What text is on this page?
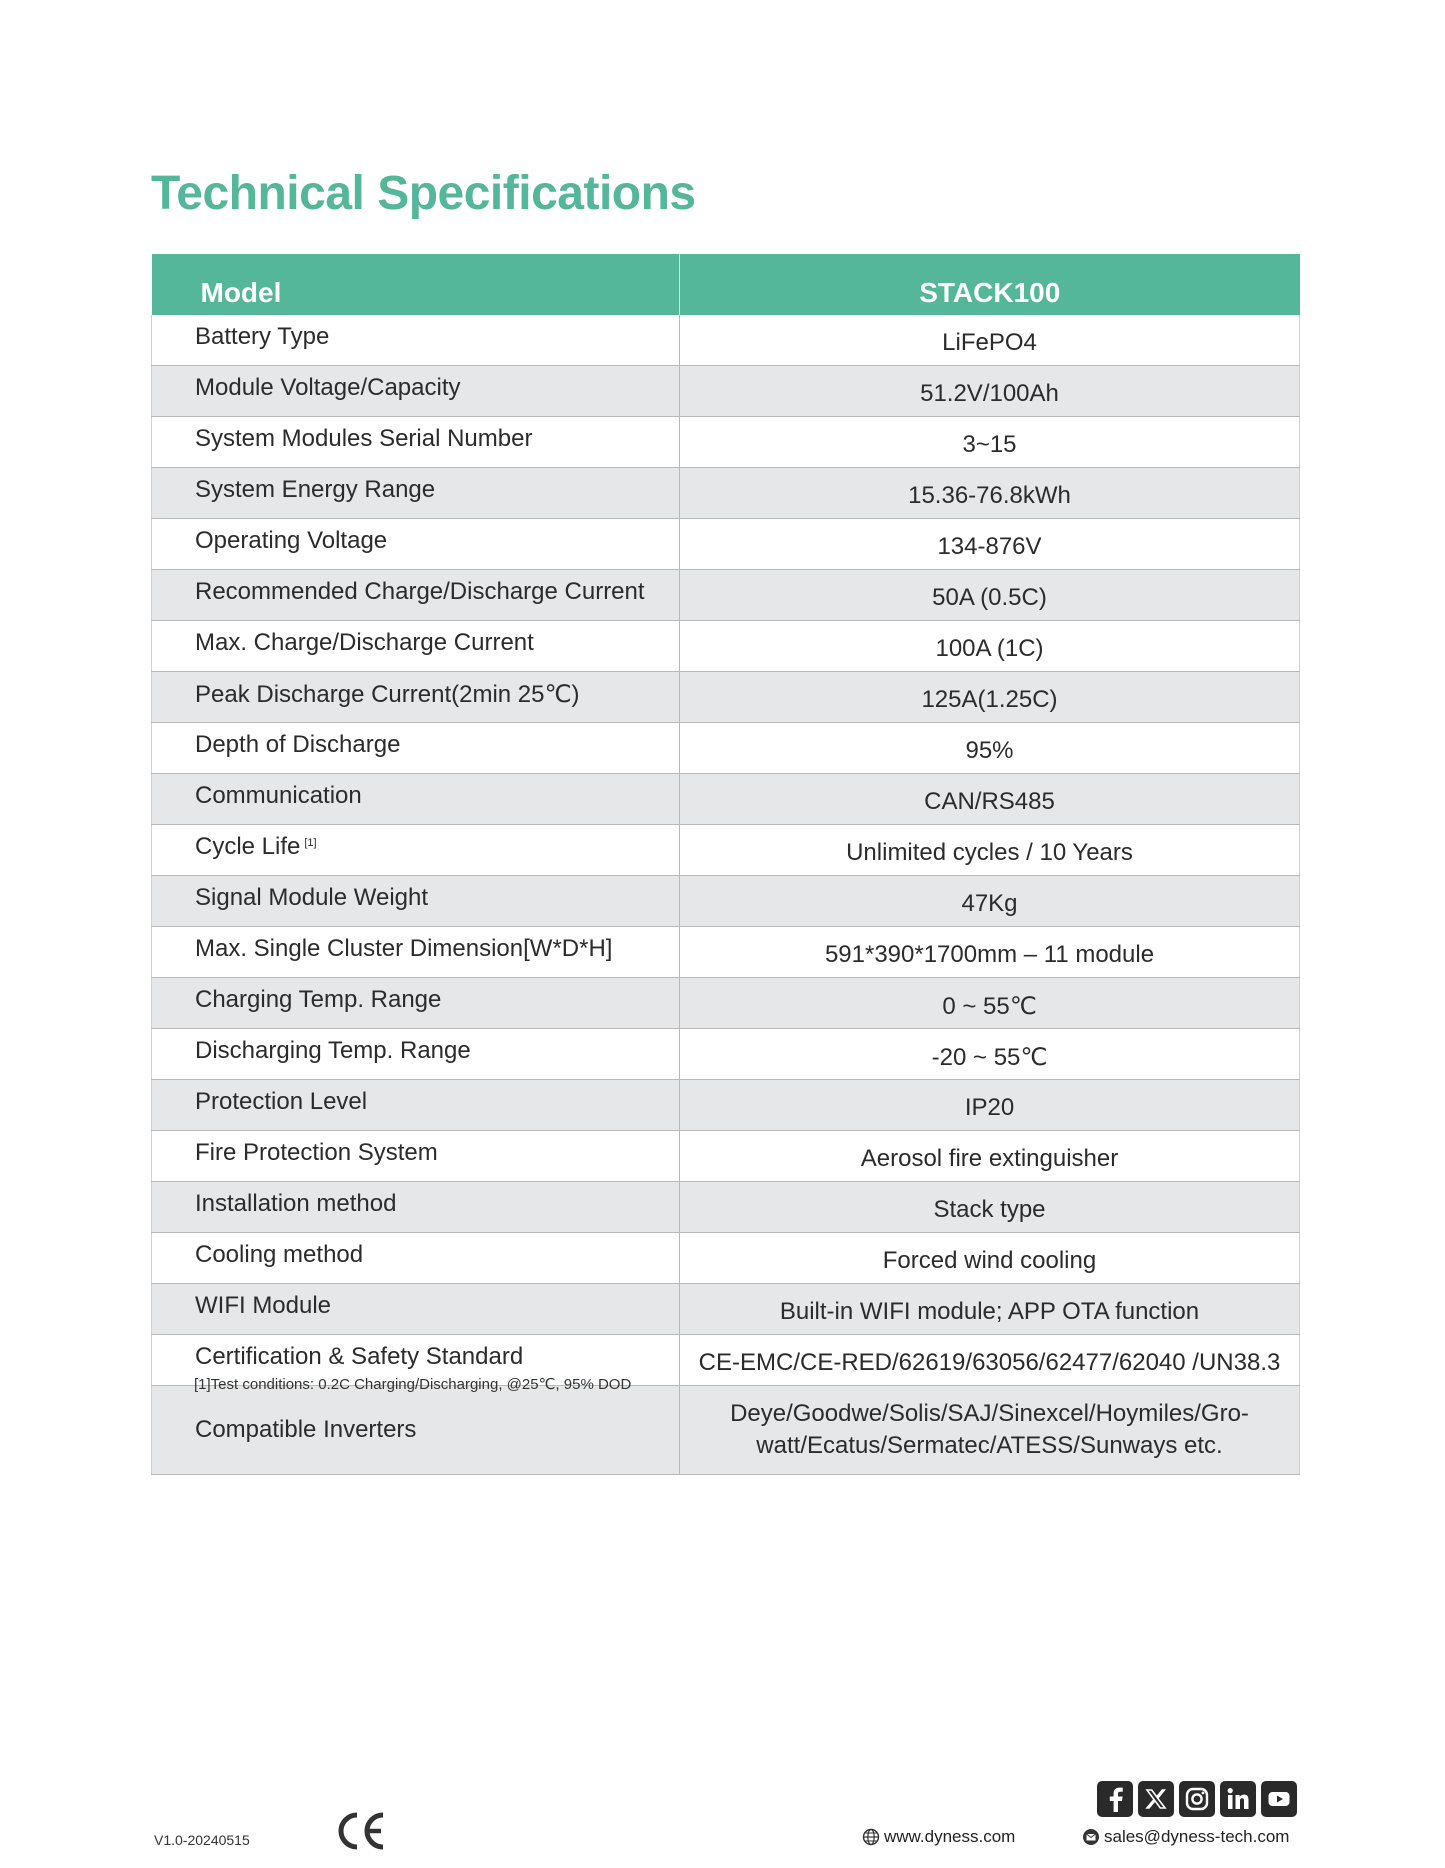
Technical Specifications
Model	STACK100
Battery Type	LiFePO4
Module Voltage/Capacity	51.2V/100Ah
System Modules Serial Number	3~15
System Energy Range	15.36-76.8kWh
Operating Voltage	134-876V
Recommended Charge/Discharge Current	50A (0.5C)
Max. Charge/Discharge Current	100A (1C)
Peak Discharge Current(2min 25℃)	125A(1.25C)
Depth of Discharge	95%
Communication	CAN/RS485
Cycle Life [1]	Unlimited cycles / 10 Years
Signal Module Weight	47Kg
Max. Single Cluster Dimension[W*D*H]	591*390*1700mm – 11 module
Charging Temp. Range	0 ~ 55℃
Discharging Temp. Range	-20 ~ 55℃
Protection Level	IP20
Fire Protection System	Aerosol fire extinguisher
Installation method	Stack type
Cooling method	Forced wind cooling
WIFI Module	Built-in WIFI module; APP OTA function
Certification & Safety Standard	CE-EMC/CE-RED/62619/63056/62477/62040 /UN38.3
Compatible Inverters	Deye/Goodwe/Solis/SAJ/Sinexcel/Hoymiles/Gro-
watt/Ecatus/Sermatec/ATESS/Sunways etc.
[1]Test conditions: 0.2C Charging/Discharging, @25℃, 95% DOD
V1.0-20240515	www.dyness.com	sales@dyness-tech.com
